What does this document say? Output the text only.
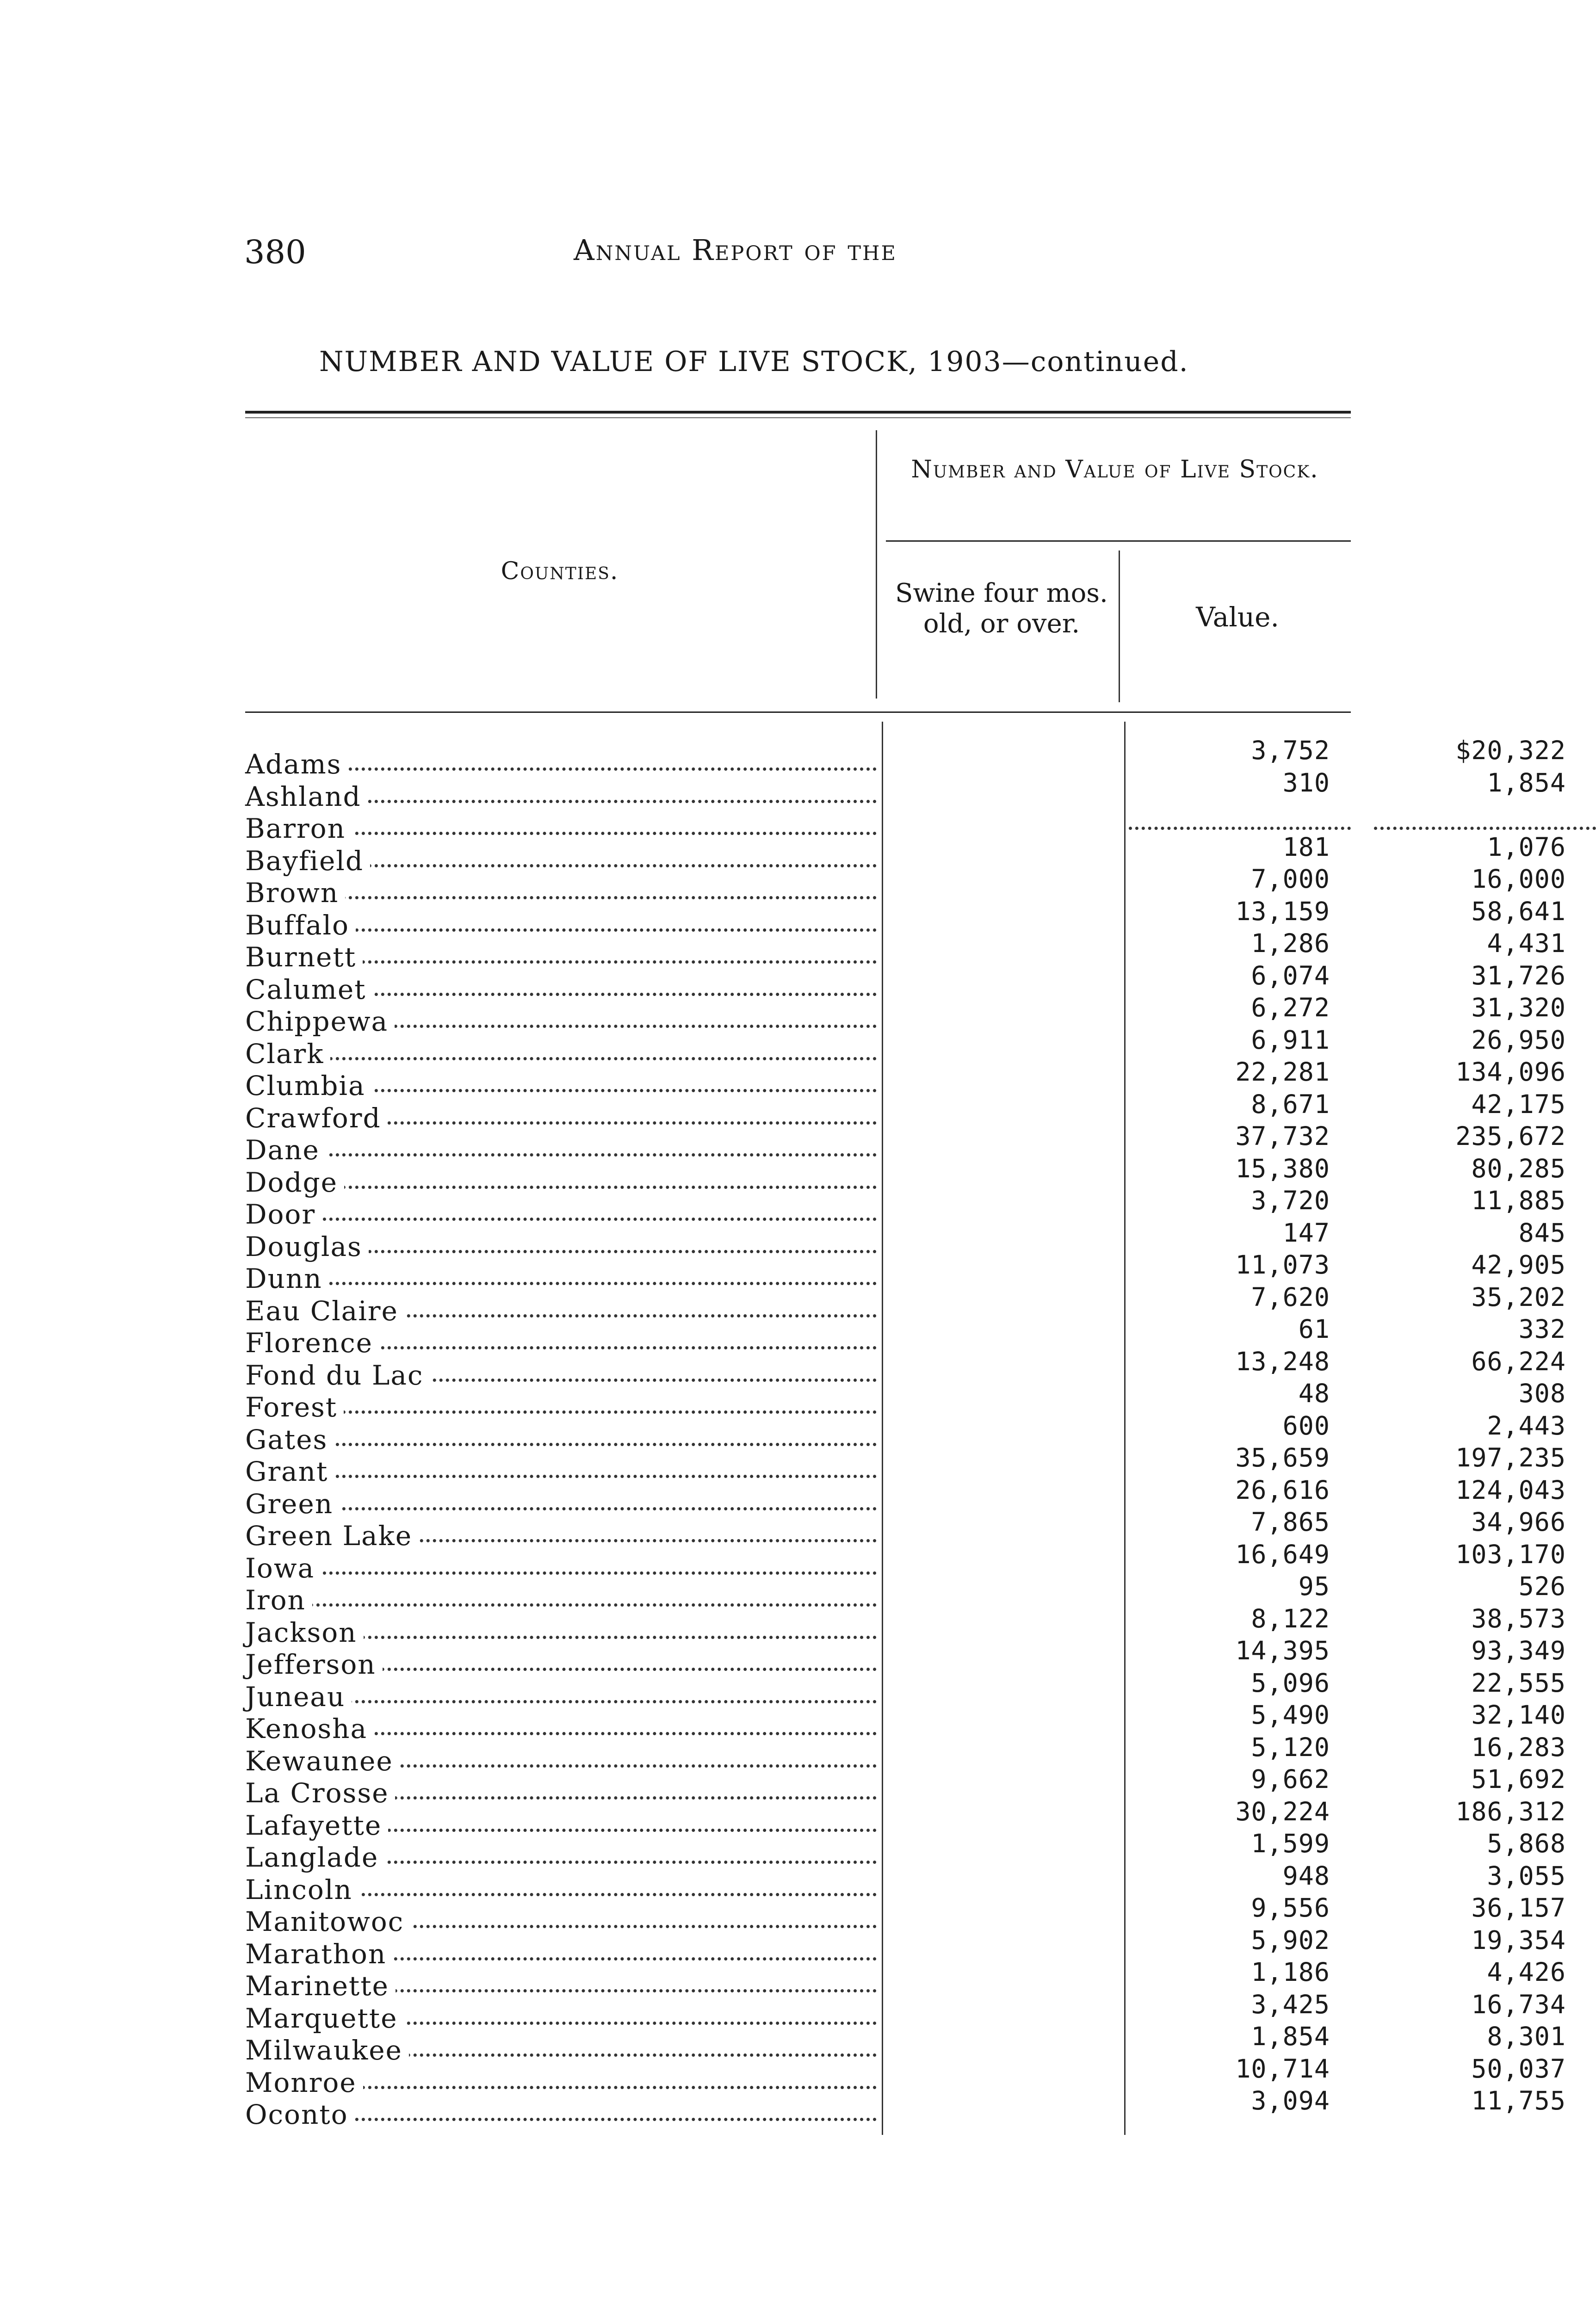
380	Annual Report of the
NUMBER AND VALUE OF LIVE STOCK, 1903—continued.
Number and Value of Live Stock.
Counties.
Swine four mos. old, or over.	Value.
Adams	3,752	$20,322
Ashland	310	1,854
Barron
Bayfield	181	1,076
Brown	7,000	16,000
Buffalo	13,159	58,641
Burnett	1,286	4,431
Calumet	6,074	31,726
Chippewa	6,272	31,320
Clark	6,911	26,950
Clumbia	22,281	134,096
Crawford	8,671	42,175
Dane	37,732	235,672
Dodge	15,380	80,285
Door	3,720	11,885
Douglas	147	845
Dunn	11,073	42,905
Eau Claire	7,620	35,202
Florence	61	332
Fond du Lac	13,248	66,224
Forest	48	308
Gates	600	2,443
Grant	35,659	197,235
Green	26,616	124,043
Green Lake	7,865	34,966
Iowa	16,649	103,170
Iron	95	526
Jackson	8,122	38,573
Jefferson	14,395	93,349
Juneau	5,096	22,555
Kenosha	5,490	32,140
Kewaunee	5,120	16,283
La Crosse	9,662	51,692
Lafayette	30,224	186,312
Langlade	1,599	5,868
Lincoln	948	3,055
Manitowoc	9,556	36,157
Marathon	5,902	19,354
Marinette	1,186	4,426
Marquette	3,425	16,734
Milwaukee	1,854	8,301
Monroe	10,714	50,037
Oconto	3,094	11,755
